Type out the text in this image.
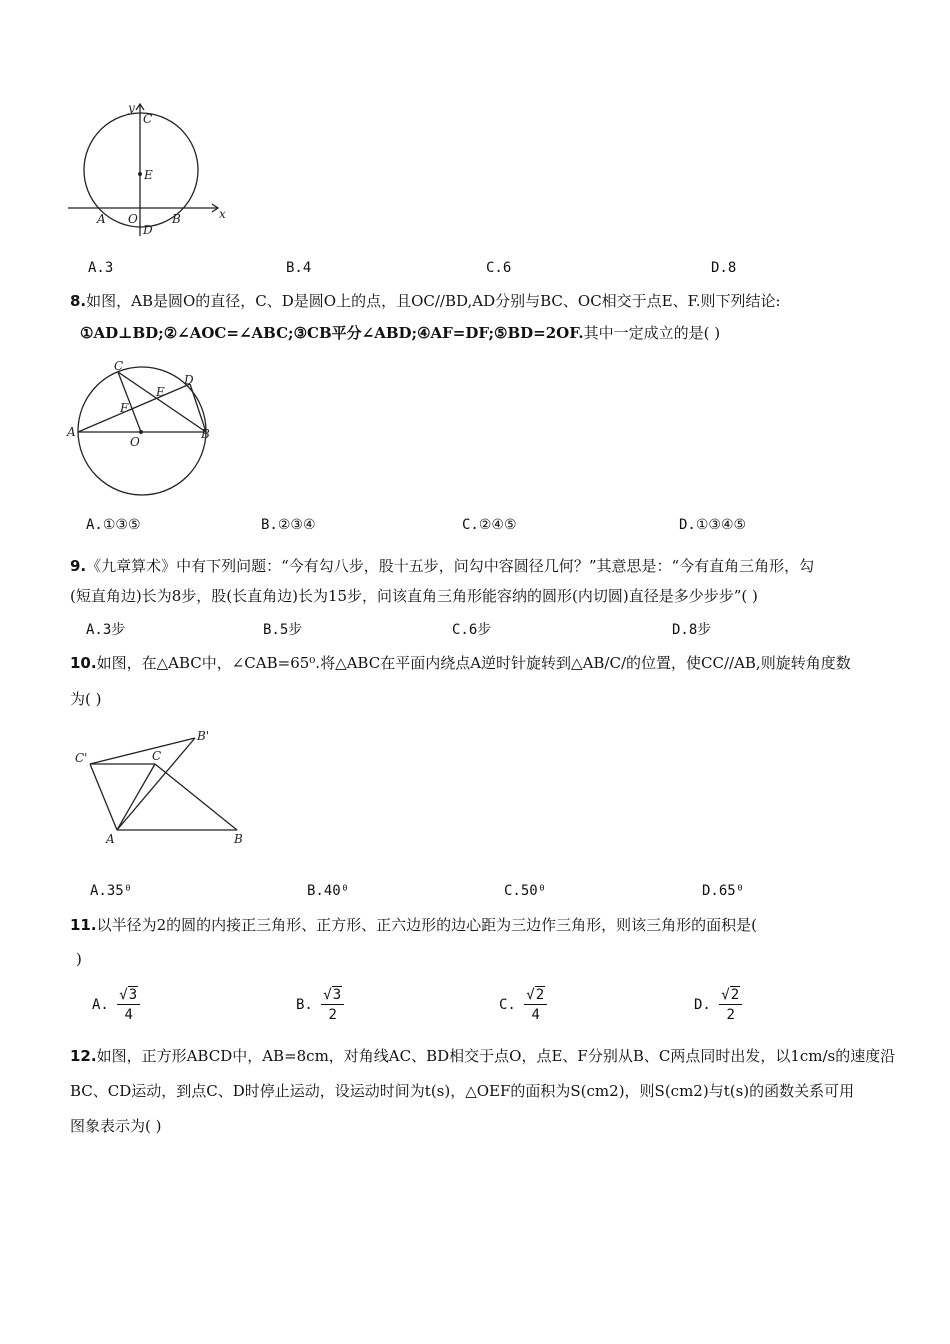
y
C
E
A O	B
D
x
A.3	B.4	C.6	D.8
8.如图，AB是圆O的直径，C、D是圆O上的点，且OC//BD,AD分别与BC、OC相交于点E、F.则下列结论:
①AD⊥BD;②∠AOC=∠ABC;③CB平分∠ABD;④AF=DF;⑤BD=2OF.其中一定成立的是( )
C
D
E
F
A
O
B
A.①③⑤	B.②③④	C.②④⑤	D.①③④⑤
9.《九章算术》中有下列问题：“今有勾八步，股十五步，问勾中容圆径几何？”其意思是：“今有直角三角形，勾
(短直角边)长为8步，股(长直角边)长为15步，问该直角三角形能容纳的圆形(内切圆)直径是多少步步”( )
A.3步	B.5步	C.6步	D.8步
10.如图，在△ABC中，∠CAB=65⁰.将△ABC在平面内绕点A逆时针旋转到△AB/C/的位置，使CC//AB,则旋转角度数
为( )
C'	C
B'
A	B
A.35⁰	B.40⁰	C.50⁰	D.65⁰
11.以半径为2的圆的内接正三角形、正方形、正六边形的边心距为三边作三角形，则该三角形的面积是(
)
A. $\frac{√3}{4}$	B. $\frac{√3}{2}$	C. $\frac{√2}{4}$	D. $\frac{√2}{2}$
12.如图，正方形ABCD中，AB=8cm，对角线AC、BD相交于点O，点E、F分别从B、C两点同时出发，以1cm/s的速度沿
BC、CD运动，到点C、D时停止运动，设运动时间为t(s)，△OEF的面积为S(cm2)，则S(cm2)与t(s)的函数关系可用
图象表示为( )
